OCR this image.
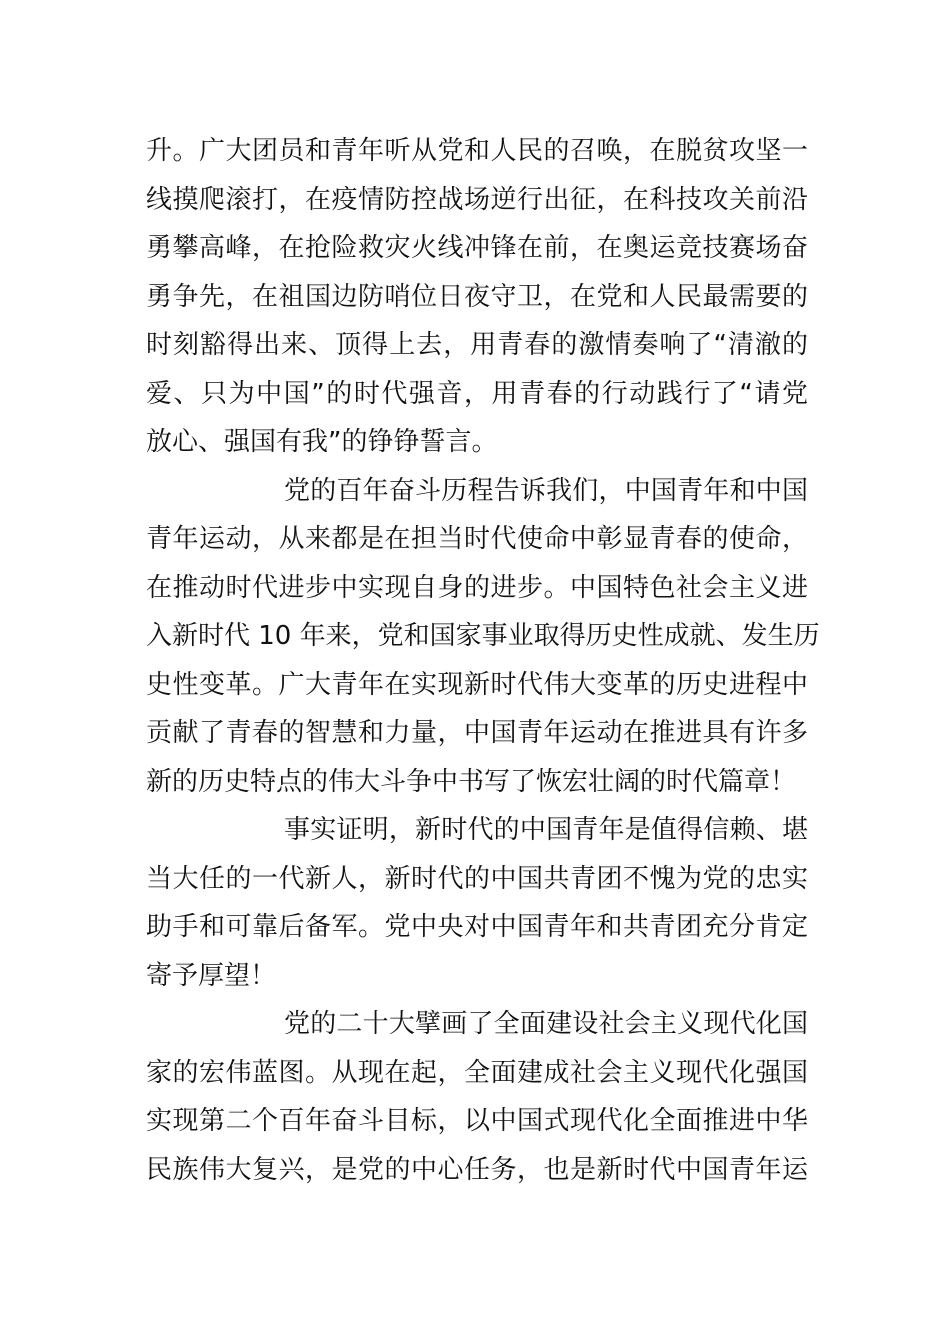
升。广大团员和青年听从党和人民的召唤，在脱贫攻坚一
线摸爬滚打，在疫情防控战场逆行出征，在科技攻关前沿
勇攀高峰，在抢险救灾火线冲锋在前，在奥运竞技赛场奋
勇争先，在祖国边防哨位日夜守卫，在党和人民最需要的
时刻豁得出来、顶得上去，用青春的激情奏响了“清澈的
爱、只为中国”的时代强音，用青春的行动践行了“请党
放心、强国有我”的铮铮誓言。
党的百年奋斗历程告诉我们，中国青年和中国
青年运动，从来都是在担当时代使命中彰显青春的使命，
在推动时代进步中实现自身的进步。中国特色社会主义进
入新时代 10 年来，党和国家事业取得历史性成就、发生历
史性变革。广大青年在实现新时代伟大变革的历史进程中
贡献了青春的智慧和力量，中国青年运动在推进具有许多
新的历史特点的伟大斗争中书写了恢宏壮阔的时代篇章！
事实证明，新时代的中国青年是值得信赖、堪
当大任的一代新人，新时代的中国共青团不愧为党的忠实
助手和可靠后备军。党中央对中国青年和共青团充分肯定
寄予厚望！
党的二十大擘画了全面建设社会主义现代化国
家的宏伟蓝图。从现在起，全面建成社会主义现代化强国
实现第二个百年奋斗目标，以中国式现代化全面推进中华
民族伟大复兴，是党的中心任务，也是新时代中国青年运
